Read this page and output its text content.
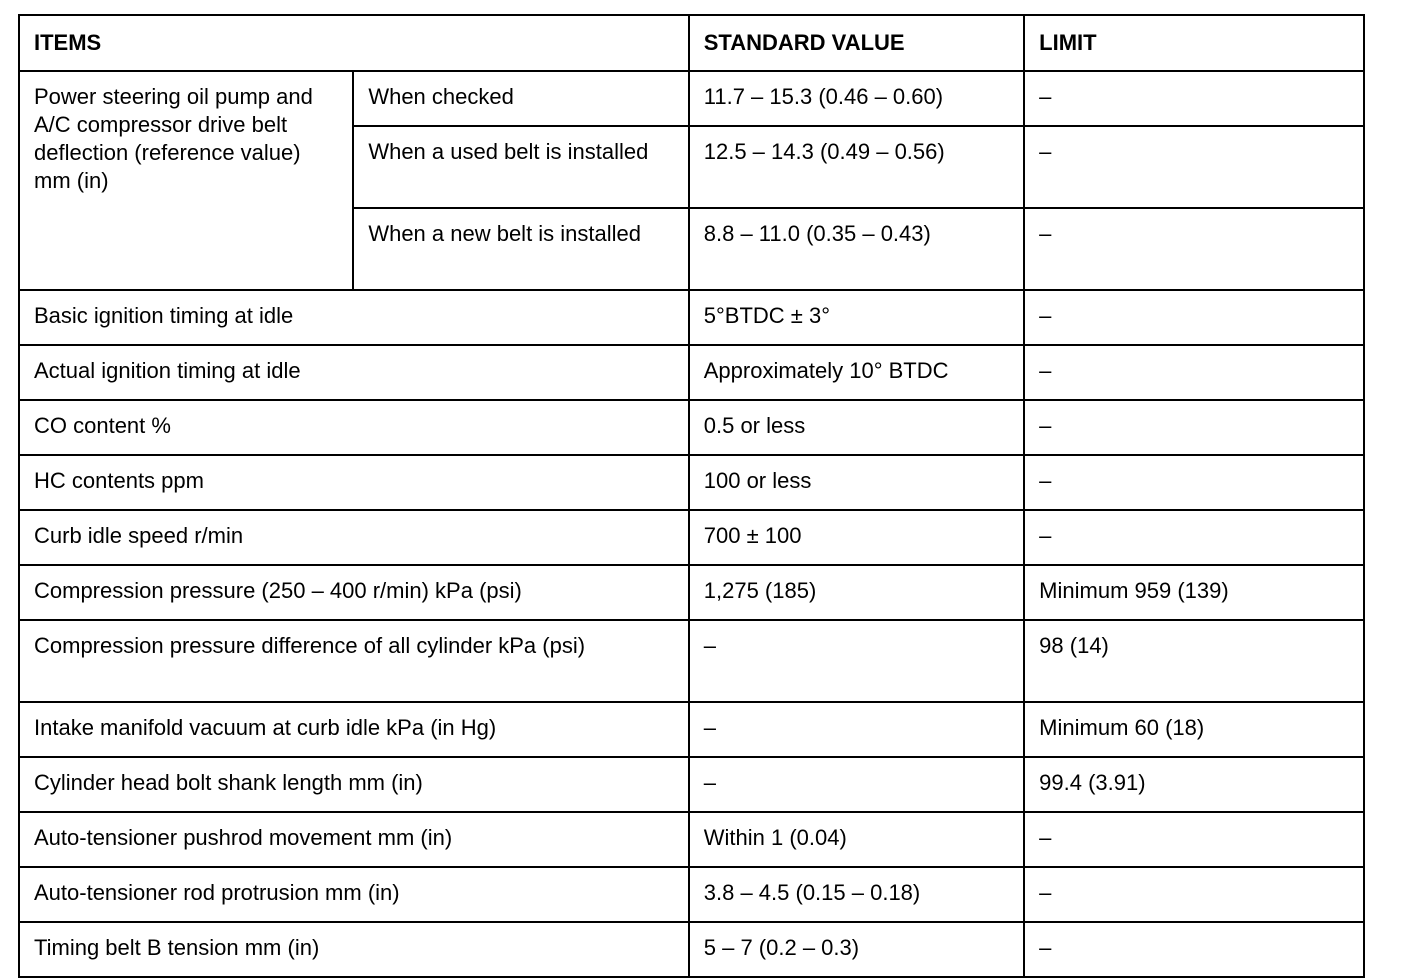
ITEMS		STANDARD VALUE	LIMIT

Power steering oil pump and A/C compressor drive belt deflection (reference value) mm (in)	When checked	11.7 – 15.3 (0.46 – 0.60)	–

	When a used belt is installed	12.5 – 14.3 (0.49 – 0.56)	–

	When a new belt is installed	8.8 – 11.0 (0.35 – 0.43)	–

Basic ignition timing at idle		5°BTDC ± 3°	–

Actual ignition timing at idle		Approximately 10° BTDC	–

CO content %		0.5 or less	–

HC contents ppm		100 or less	–

Curb idle speed r/min		700 ± 100	–

Compression pressure (250 – 400 r/min) kPa (psi)		1,275 (185)	Minimum 959 (139)

Compression pressure difference of all cylinder kPa (psi)		–	98 (14)

Intake manifold vacuum at curb idle kPa (in Hg)		–	Minimum 60 (18)

Cylinder head bolt shank length mm (in)		–	99.4 (3.91)

Auto-tensioner pushrod movement mm (in)		Within 1 (0.04)	–

Auto-tensioner rod protrusion mm (in)		3.8 – 4.5 (0.15 – 0.18)	–

Timing belt B tension mm (in)		5 – 7 (0.2 – 0.3)	–
